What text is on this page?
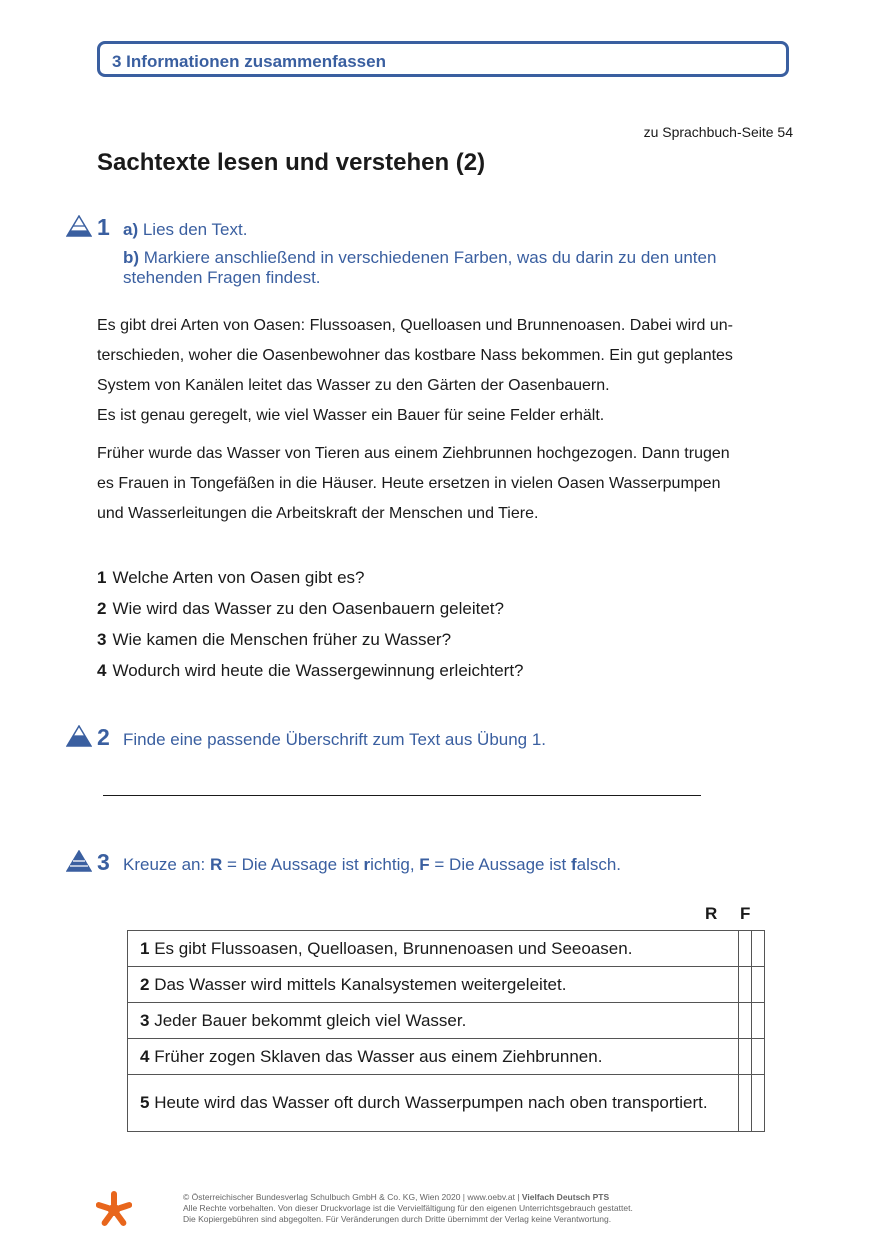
3 Informationen zusammenfassen
zu Sprachbuch-Seite 54
Sachtexte lesen und verstehen (2)
1 a) Lies den Text.
b) Markiere anschließend in verschiedenen Farben, was du darin zu den unten stehenden Fragen findest.

Es gibt drei Arten von Oasen: Flussoasen, Quelloasen und Brunnenoasen. Dabei wird un-

terschieden, woher die Oasenbewohner das kostbare Nass bekommen. Ein gut geplantes

System von Kanälen leitet das Wasser zu den Gärten der Oasenbauern.

Es ist genau geregelt, wie viel Wasser ein Bauer für seine Felder erhält.

Früher wurde das Wasser von Tieren aus einem Ziehbrunnen hochgezogen. Dann trugen

es Frauen in Tongefäßen in die Häuser. Heute ersetzen in vielen Oasen Wasserpumpen

und Wasserleitungen die Arbeitskraft der Menschen und Tiere.

1 Welche Arten von Oasen gibt es?
2 Wie wird das Wasser zu den Oasenbauern geleitet?
3 Wie kamen die Menschen früher zu Wasser?
4 Wodurch wird heute die Wassergewinnung erleichtert?
2 Finde eine passende Überschrift zum Text aus Übung 1.
3 Kreuze an: R = Die Aussage ist richtig, F = Die Aussage ist falsch.
R F
1 Es gibt Flussoasen, Quelloasen, Brunnenoasen und Seeoasen.		
2 Das Wasser wird mittels Kanalsystemen weitergeleitet.		
3 Jeder Bauer bekommt gleich viel Wasser.		
4 Früher zogen Sklaven das Wasser aus einem Ziehbrunnen.		
5 Heute wird das Wasser oft durch Wasserpumpen nach oben transportiert.		
© Österreichischer Bundesverlag Schulbuch GmbH & Co. KG, Wien 2020 | www.oebv.at | Vielfach Deutsch PTS
Alle Rechte vorbehalten. Von dieser Druckvorlage ist die Vervielfältigung für den eigenen Unterrichtsgebrauch gestattet.
Die Kopiergebühren sind abgegolten. Für Veränderungen durch Dritte übernimmt der Verlag keine Verantwortung.
